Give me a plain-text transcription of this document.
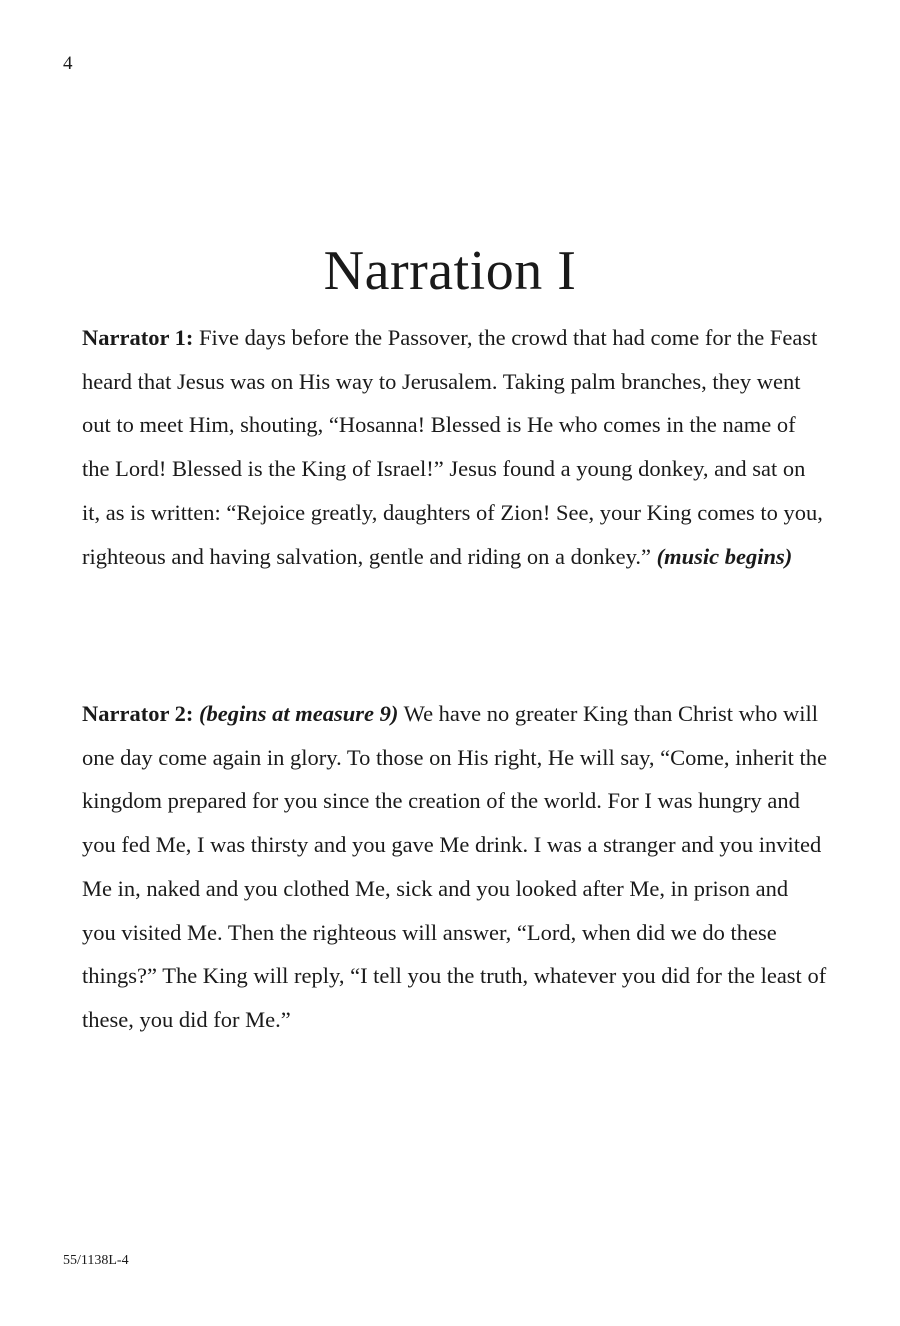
4
Narration I

Narrator 1: Five days before the Passover, the crowd that had come for the Feast heard that Jesus was on His way to Jerusalem. Taking palm branches, they went out to meet Him, shouting, “Hosanna! Blessed is He who comes in the name of the Lord! Blessed is the King of Israel!” Jesus found a young donkey, and sat on it, as is written: “Rejoice greatly, daughters of Zion! See, your King comes to you, righteous and having salvation, gentle and riding on a donkey.” (music begins)

Narrator 2: (begins at measure 9) We have no greater King than Christ who will one day come again in glory. To those on His right, He will say, “Come, inherit the kingdom prepared for you since the creation of the world. For I was hungry and you fed Me, I was thirsty and you gave Me drink. I was a stranger and you invited Me in, naked and you clothed Me, sick and you looked after Me, in prison and you visited Me. Then the righteous will answer, “Lord, when did we do these things?” The King will reply, “I tell you the truth, whatever you did for the least of these, you did for Me.”

55/1138L-4
